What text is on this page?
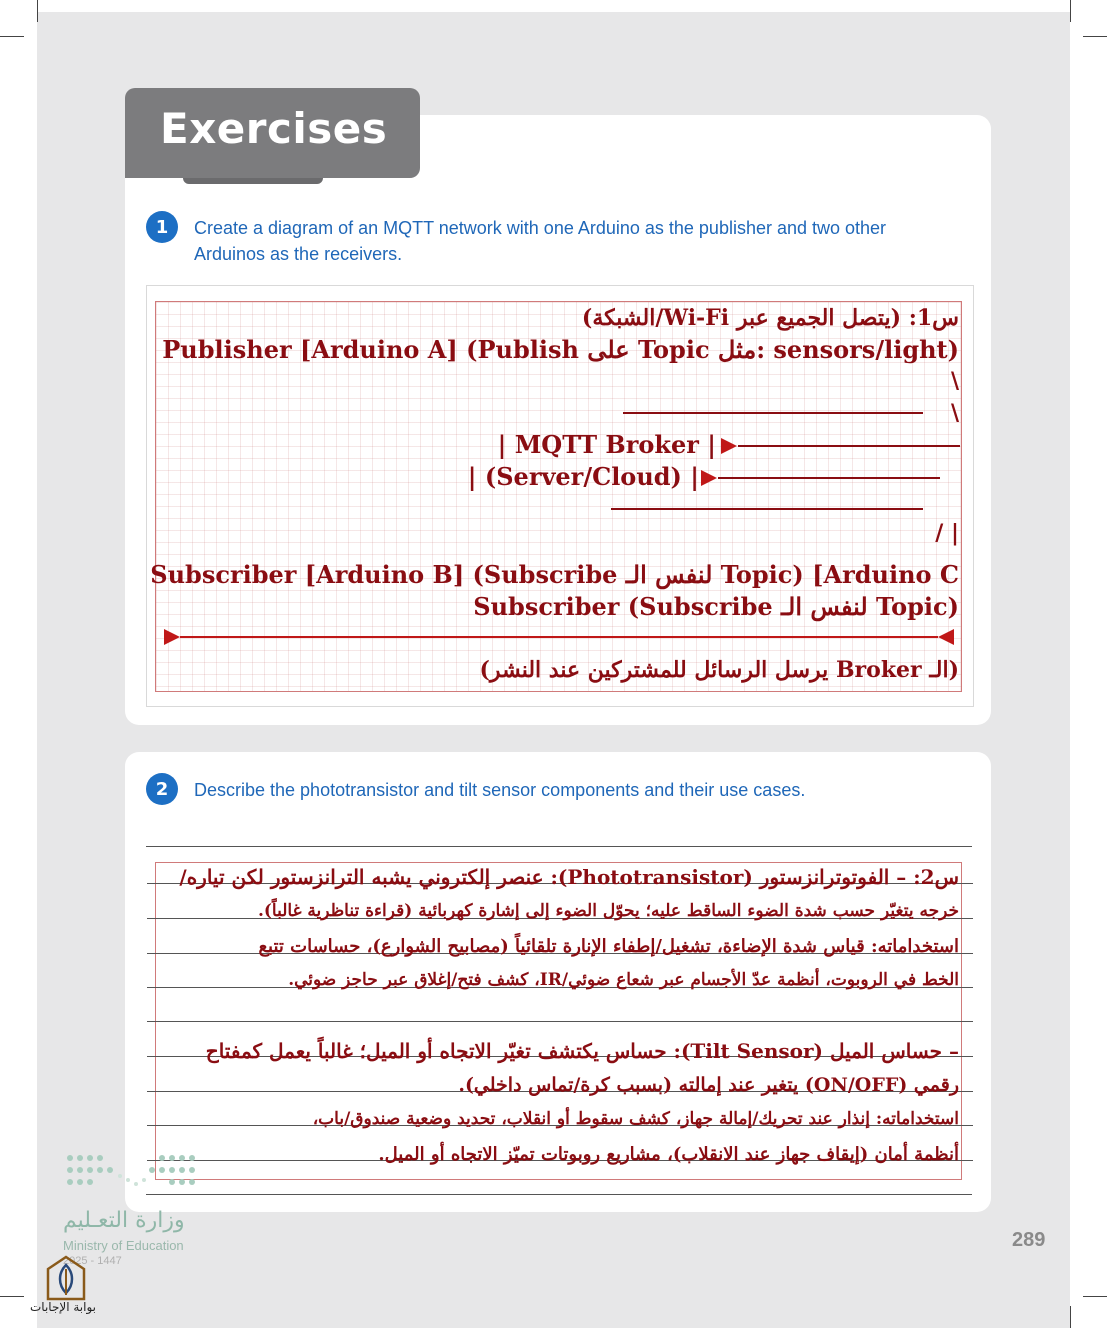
Exercises
1	Create a diagram of an MQTT network with one Arduino as the publisher and two other
Arduinos as the receivers.
س1: (يتصل الجميع عبر Wi-Fi/الشبكة)
(sensors/light :مثل Topic على Publish) Publisher [Arduino A]
\
\
| MQTT Broker |
| (Server/Cloud) |
| /
Arduino C] (Topic لنفس الـ Subscribe) Subscriber [Arduino B]
(Topic لنفس الـ Subscribe) Subscriber
(الـ Broker يرسل الرسائل للمشتركين عند النشر)
2	Describe the phototransistor and tilt sensor components and their use cases.
س2: – الفوتوترانزستور (Phototransistor): عنصر إلكتروني يشبه الترانزستور لكن تياره/
خرجه يتغيّر حسب شدة الضوء الساقط عليه؛ يحوّل الضوء إلى إشارة كهربائية (قراءة تناظرية غالباً).
استخداماته: قياس شدة الإضاءة، تشغيل/إطفاء الإنارة تلقائياً (مصابيح الشوارع)، حساسات تتبع
الخط في الروبوت، أنظمة عدّ الأجسام عبر شعاع ضوئي/IR، كشف فتح/إغلاق عبر حاجز ضوئي.
– حساس الميل (Tilt Sensor): حساس يكتشف تغيّر الاتجاه أو الميل؛ غالباً يعمل كمفتاح
رقمي (ON/OFF) يتغير عند إمالته (بسبب كرة/تماس داخلي).
استخداماته: إنذار عند تحريك/إمالة جهاز، كشف سقوط أو انقلاب، تحديد وضعية صندوق/باب،
أنظمة أمان (إيقاف جهاز عند الانقلاب)، مشاريع روبوتات تميّز الاتجاه أو الميل.
وزارة التعـليم
Ministry of Education
2025 - 1447
289
بوابة الإجابات
